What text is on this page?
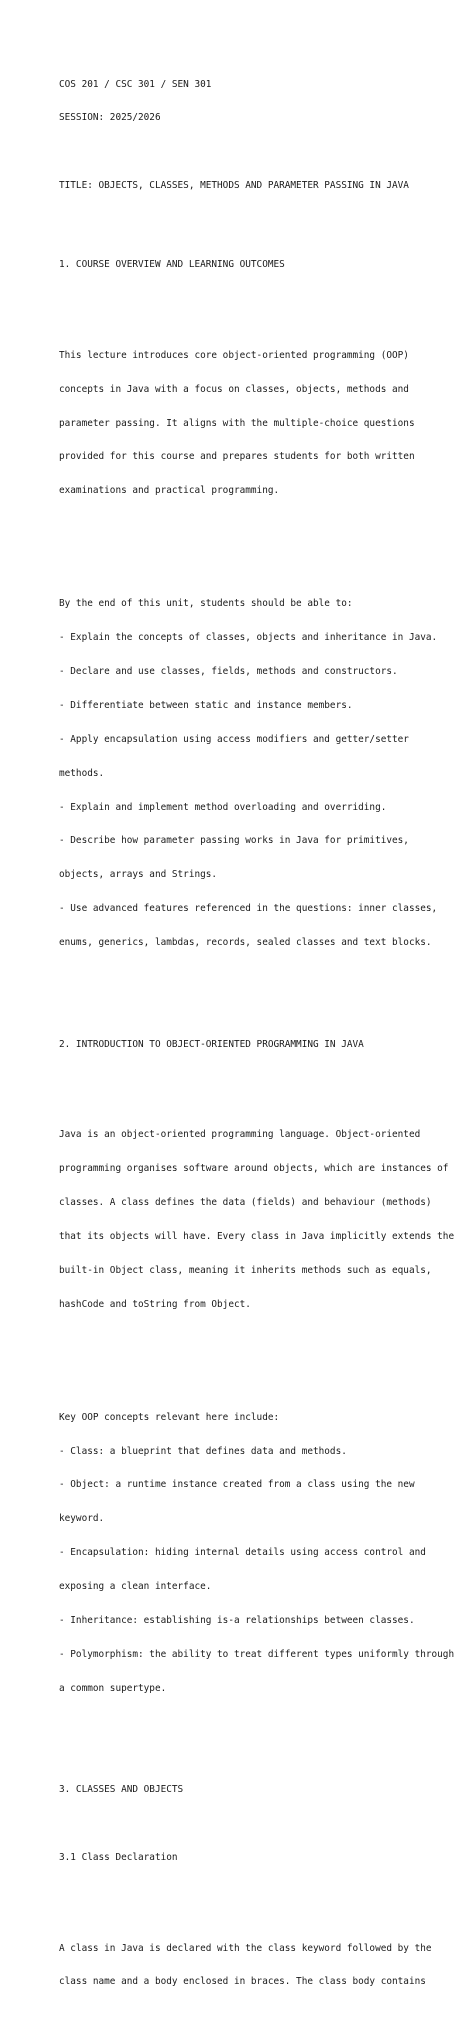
COS 201 / CSC 301 / SEN 301

SESSION: 2025/2026

TITLE: OBJECTS, CLASSES, METHODS AND PARAMETER PASSING IN JAVA

1. COURSE OVERVIEW AND LEARNING OUTCOMES

This lecture introduces core object-oriented programming (OOP)

concepts in Java with a focus on classes, objects, methods and

parameter passing. It aligns with the multiple-choice questions

provided for this course and prepares students for both written

examinations and practical programming.

By the end of this unit, students should be able to:

- Explain the concepts of classes, objects and inheritance in Java.

- Declare and use classes, fields, methods and constructors.

- Differentiate between static and instance members.

- Apply encapsulation using access modifiers and getter/setter

methods.

- Explain and implement method overloading and overriding.

- Describe how parameter passing works in Java for primitives,

objects, arrays and Strings.

- Use advanced features referenced in the questions: inner classes,

enums, generics, lambdas, records, sealed classes and text blocks.

2. INTRODUCTION TO OBJECT-ORIENTED PROGRAMMING IN JAVA

Java is an object-oriented programming language. Object-oriented

programming organises software around objects, which are instances of

classes. A class defines the data (fields) and behaviour (methods)

that its objects will have. Every class in Java implicitly extends the

built-in Object class, meaning it inherits methods such as equals,

hashCode and toString from Object.

Key OOP concepts relevant here include:

- Class: a blueprint that defines data and methods.

- Object: a runtime instance created from a class using the new

keyword.

- Encapsulation: hiding internal details using access control and

exposing a clean interface.

- Inheritance: establishing is-a relationships between classes.

- Polymorphism: the ability to treat different types uniformly through

a common supertype.

3. CLASSES AND OBJECTS

3.1 Class Declaration

A class in Java is declared with the class keyword followed by the

class name and a body enclosed in braces. The class body contains
